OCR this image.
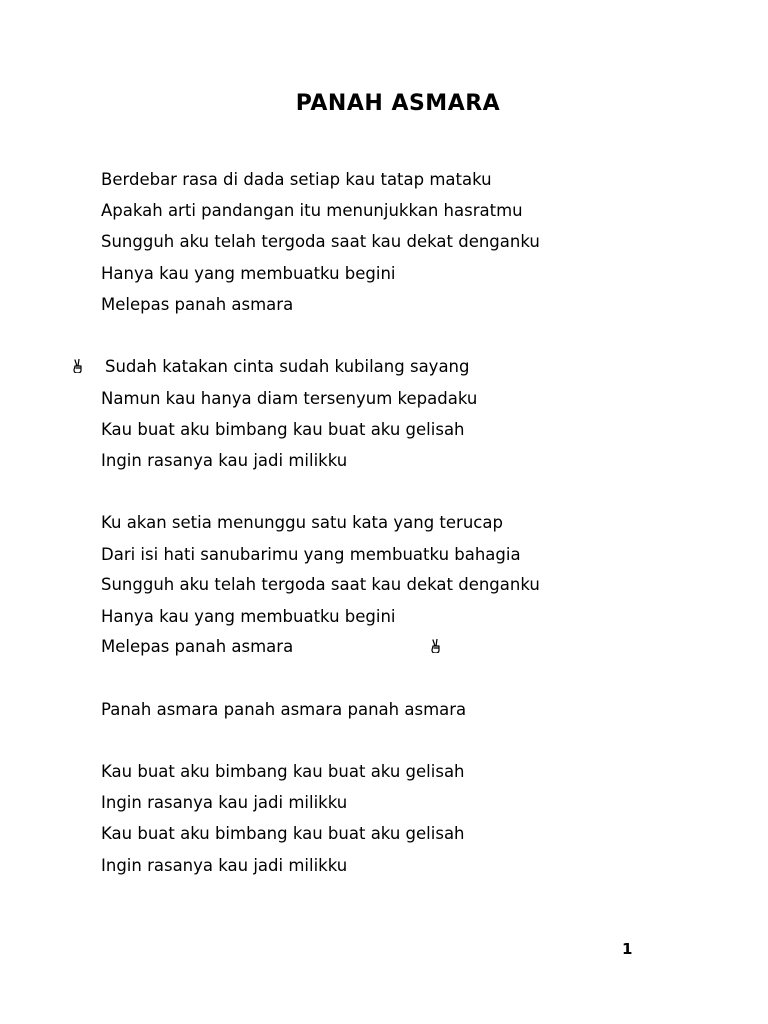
PANAH ASMARA
Berdebar rasa di dada setiap kau tatap mataku
Apakah arti pandangan itu menunjukkan hasratmu
Sungguh aku telah tergoda saat kau dekat denganku
Hanya kau yang membuatku begini
Melepas panah asmara
Sudah katakan cinta sudah kubilang sayang
Namun kau hanya diam tersenyum kepadaku
Kau buat aku bimbang kau buat aku gelisah
Ingin rasanya kau jadi milikku
Ku akan setia menunggu satu kata yang terucap
Dari isi hati sanubarimu yang membuatku bahagia
Sungguh aku telah tergoda saat kau dekat denganku
Hanya kau yang membuatku begini
Melepas panah asmara
Panah asmara panah asmara panah asmara
Kau buat aku bimbang kau buat aku gelisah
Ingin rasanya kau jadi milikku
Kau buat aku bimbang kau buat aku gelisah
Ingin rasanya kau jadi milikku
1
